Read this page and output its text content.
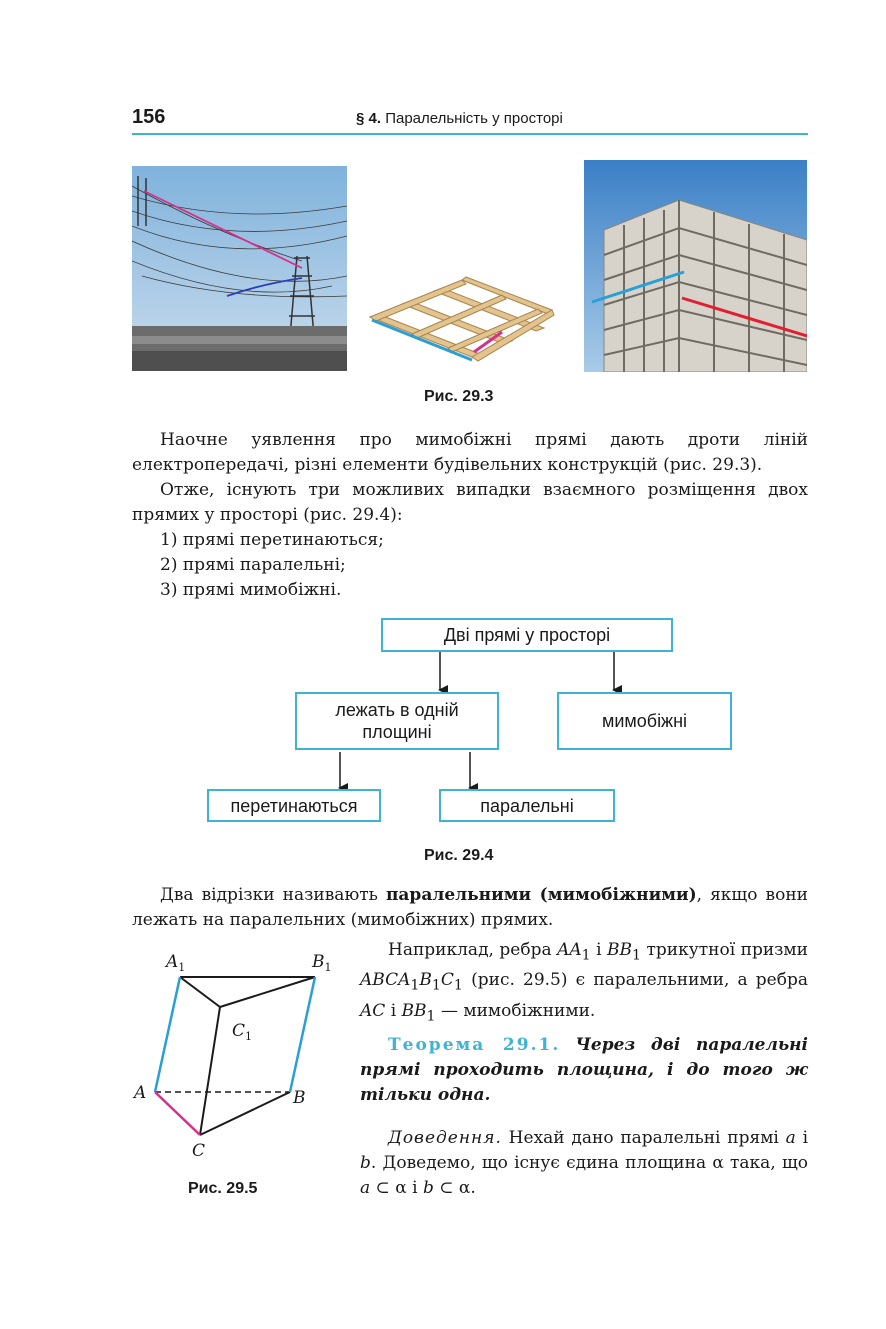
156	§ 4. Паралельність у просторі
Рис. 29.3
Наочне уявлення про мимобіжні прямі дають дроти ліній електропередачі, різні елементи будівельних конструкцій (рис. 29.3).
Отже, існують три можливих випадки взаємного розміщення двох прямих у просторі (рис. 29.4):
1) прямі перетинаються;
2) прямі паралельні;
3) прямі мимобіжні.
Дві прямі у просторі
лежать в одній площині
мимобіжні
перетинаються	паралельні
Рис. 29.4
Два відрізки називають паралельними (мимобіжними), якщо вони лежать на паралельних (мимобіжних) прямих.
$A_1$	$B_1$
$C_1$
A	B
C
Рис. 29.5
Наприклад, ребра $AA_1$ і $BB_1$ трикутної призми $ABCA_1B_1C_1$ (рис. 29.5) є паралельними, а ребра AC і $BB_1$ — мимобіжними.
Теорема 29.1. Через дві паралельні прямі проходить площина, і до того ж тільки одна.
Доведення. Нехай дано паралельні прямі a і b. Доведемо, що існує єдина площина α така, що a ⊂ α і b ⊂ α.
